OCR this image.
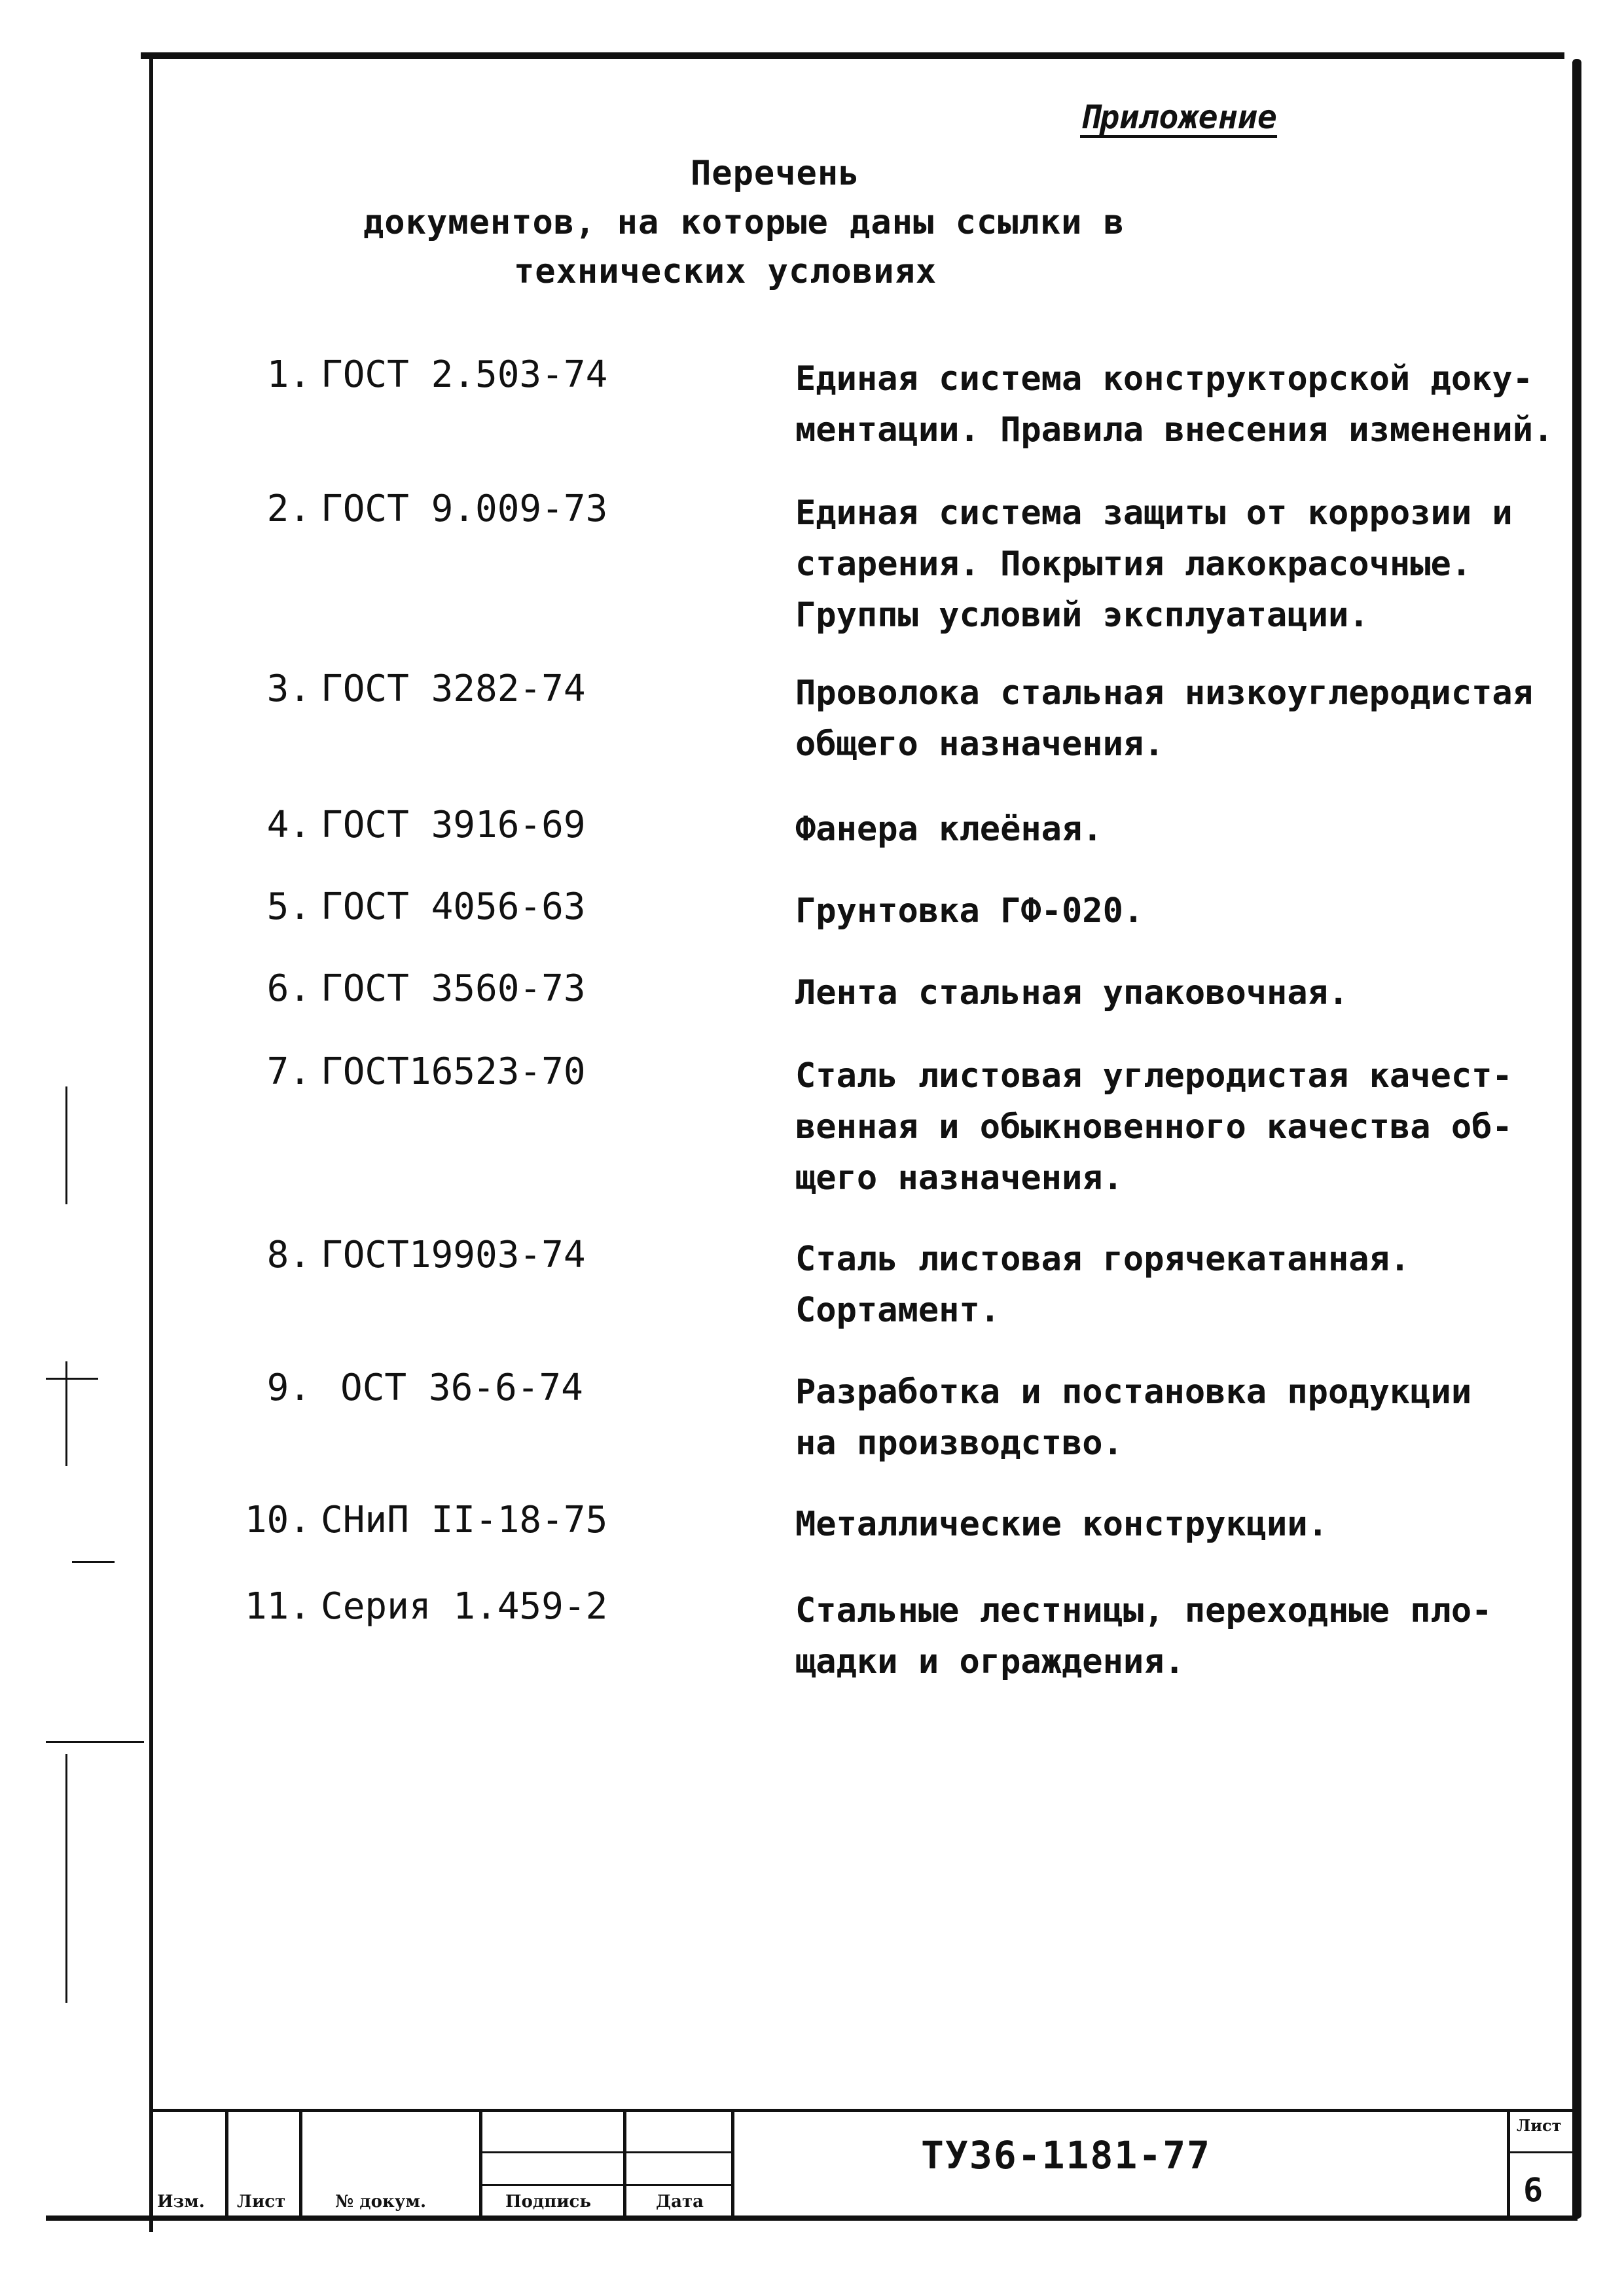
Приложение
Перечень
документов, на которые даны ссылки в
технических условиях
1. ГОСТ 2.503-74	Единая система конструкторской доку-
ментации. Правила внесения изменений.
2. ГОСТ 9.009-73	Единая система защиты от коррозии и
старения. Покрытия лакокрасочные.
Группы условий эксплуатации.
3. ГОСТ 3282-74	Проволока стальная низкоуглеродистая
общего назначения.
4. ГОСТ 3916-69	Фанера клеёная.
5. ГОСТ 4056-63	Грунтовка ГФ-020.
6. ГОСТ 3560-73	Лента стальная упаковочная.
7. ГОСТ16523-70	Сталь листовая углеродистая качест-
венная и обыкновенного качества об-
щего назначения.
8. ГОСТ19903-74	Сталь листовая горячекатанная.
Сортамент.
9. ОСТ 36-6-74	Разработка и постановка продукции
на производство.
10. СНиП II-18-75	Металлические конструкции.
11. Серия 1.459-2	Стальные лестницы, переходные пло-
щадки и ограждения.
Изм. Лист	№ докум.	Подпись	Дата
ТУ36-1181-77
Лист
6
